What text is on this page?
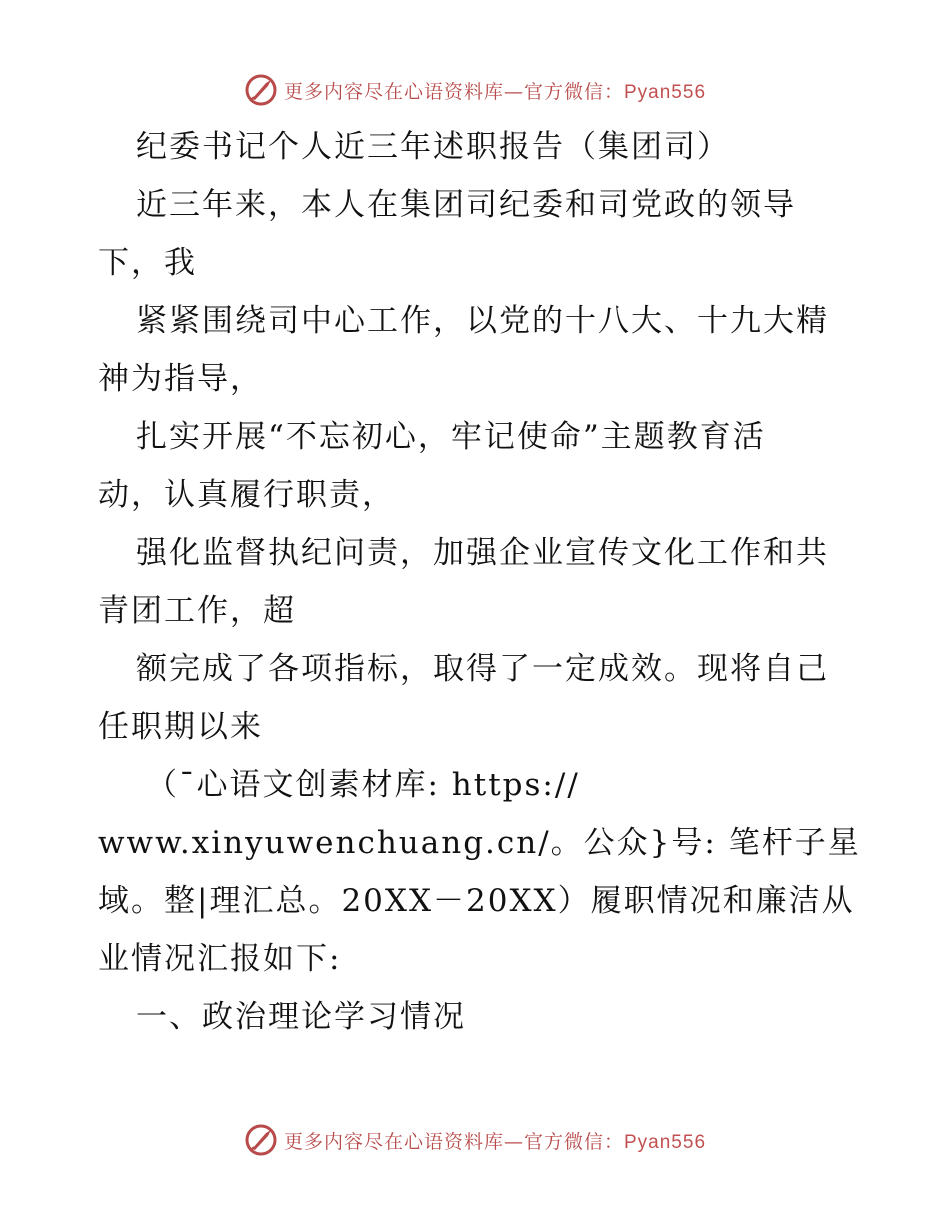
更多内容尽在心语资料库—官方微信：Pyan556
纪委书记个人近三年述职报告（集团司）
近三年来，本人在集团司纪委和司党政的领导
下，我
紧紧围绕司中心工作，以党的十八大、十九大精
神为指导，
扎实开展“不忘初心，牢记使命”主题教育活
动，认真履行职责，
强化监督执纪问责，加强企业宣传文化工作和共
青团工作，超
额完成了各项指标，取得了一定成效。现将自己
任职期以来
（¯心语文创素材库: https://
www.xinyuwenchuang.cn/。公众}号: 笔杆子星
域。整|理汇总。20XX－20XX）履职情况和廉洁从
业情况汇报如下:
一、政治理论学习情况
更多内容尽在心语资料库—官方微信：Pyan556
